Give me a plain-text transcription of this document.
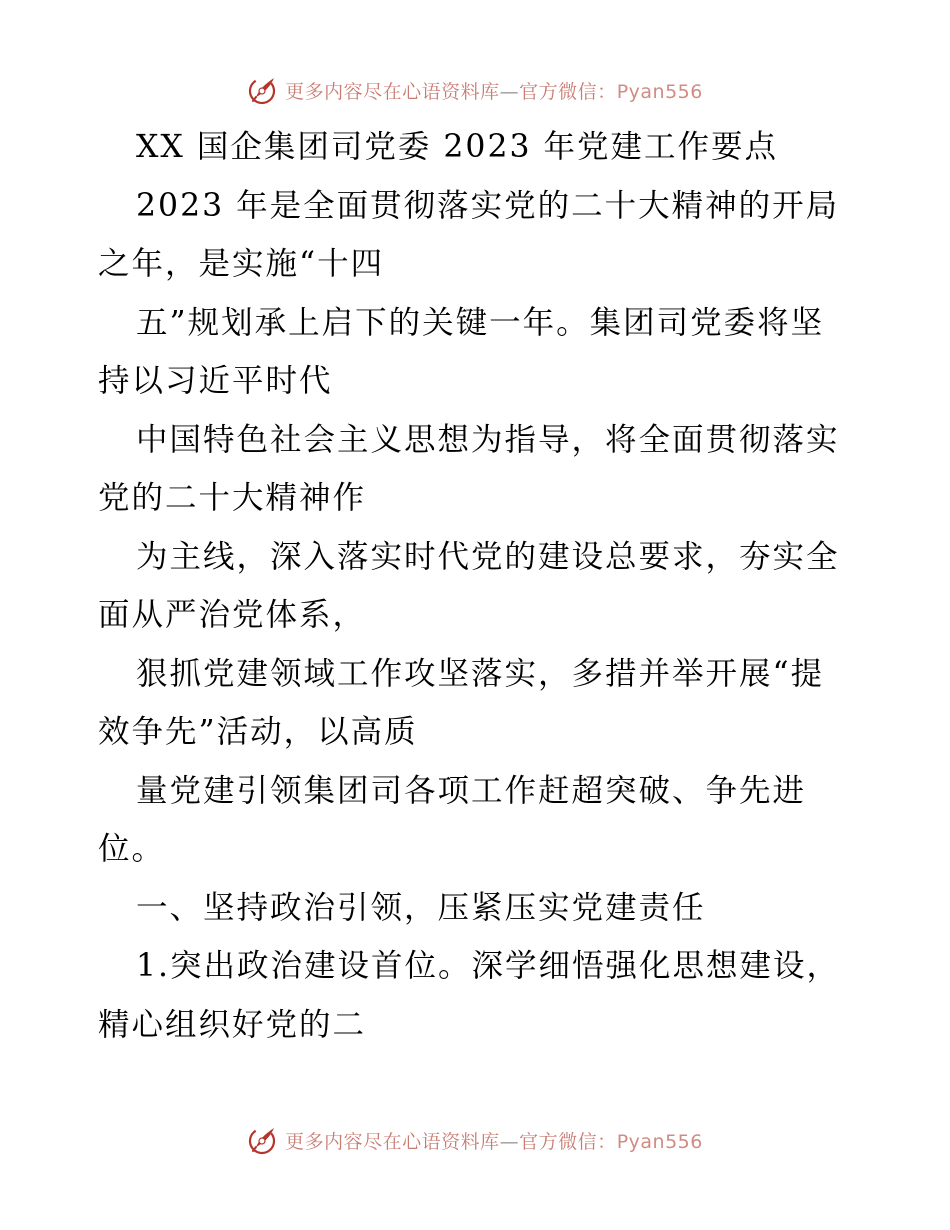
更多内容尽在心语资料库—官方微信：Pyan556
XX 国企集团司党委 2023 年党建工作要点
2023 年是全面贯彻落实党的二十大精神的开局
之年，是实施“十四
五”规划承上启下的关键一年。集团司党委将坚
持以习近平时代
中国特色社会主义思想为指导，将全面贯彻落实
党的二十大精神作
为主线，深入落实时代党的建设总要求，夯实全
面从严治党体系，
狠抓党建领域工作攻坚落实，多措并举开展“提
效争先”活动，以高质
量党建引领集团司各项工作赶超突破、争先进
位。
一、坚持政治引领，压紧压实党建责任
1.突出政治建设首位。深学细悟强化思想建设，
精心组织好党的二
更多内容尽在心语资料库—官方微信：Pyan556
